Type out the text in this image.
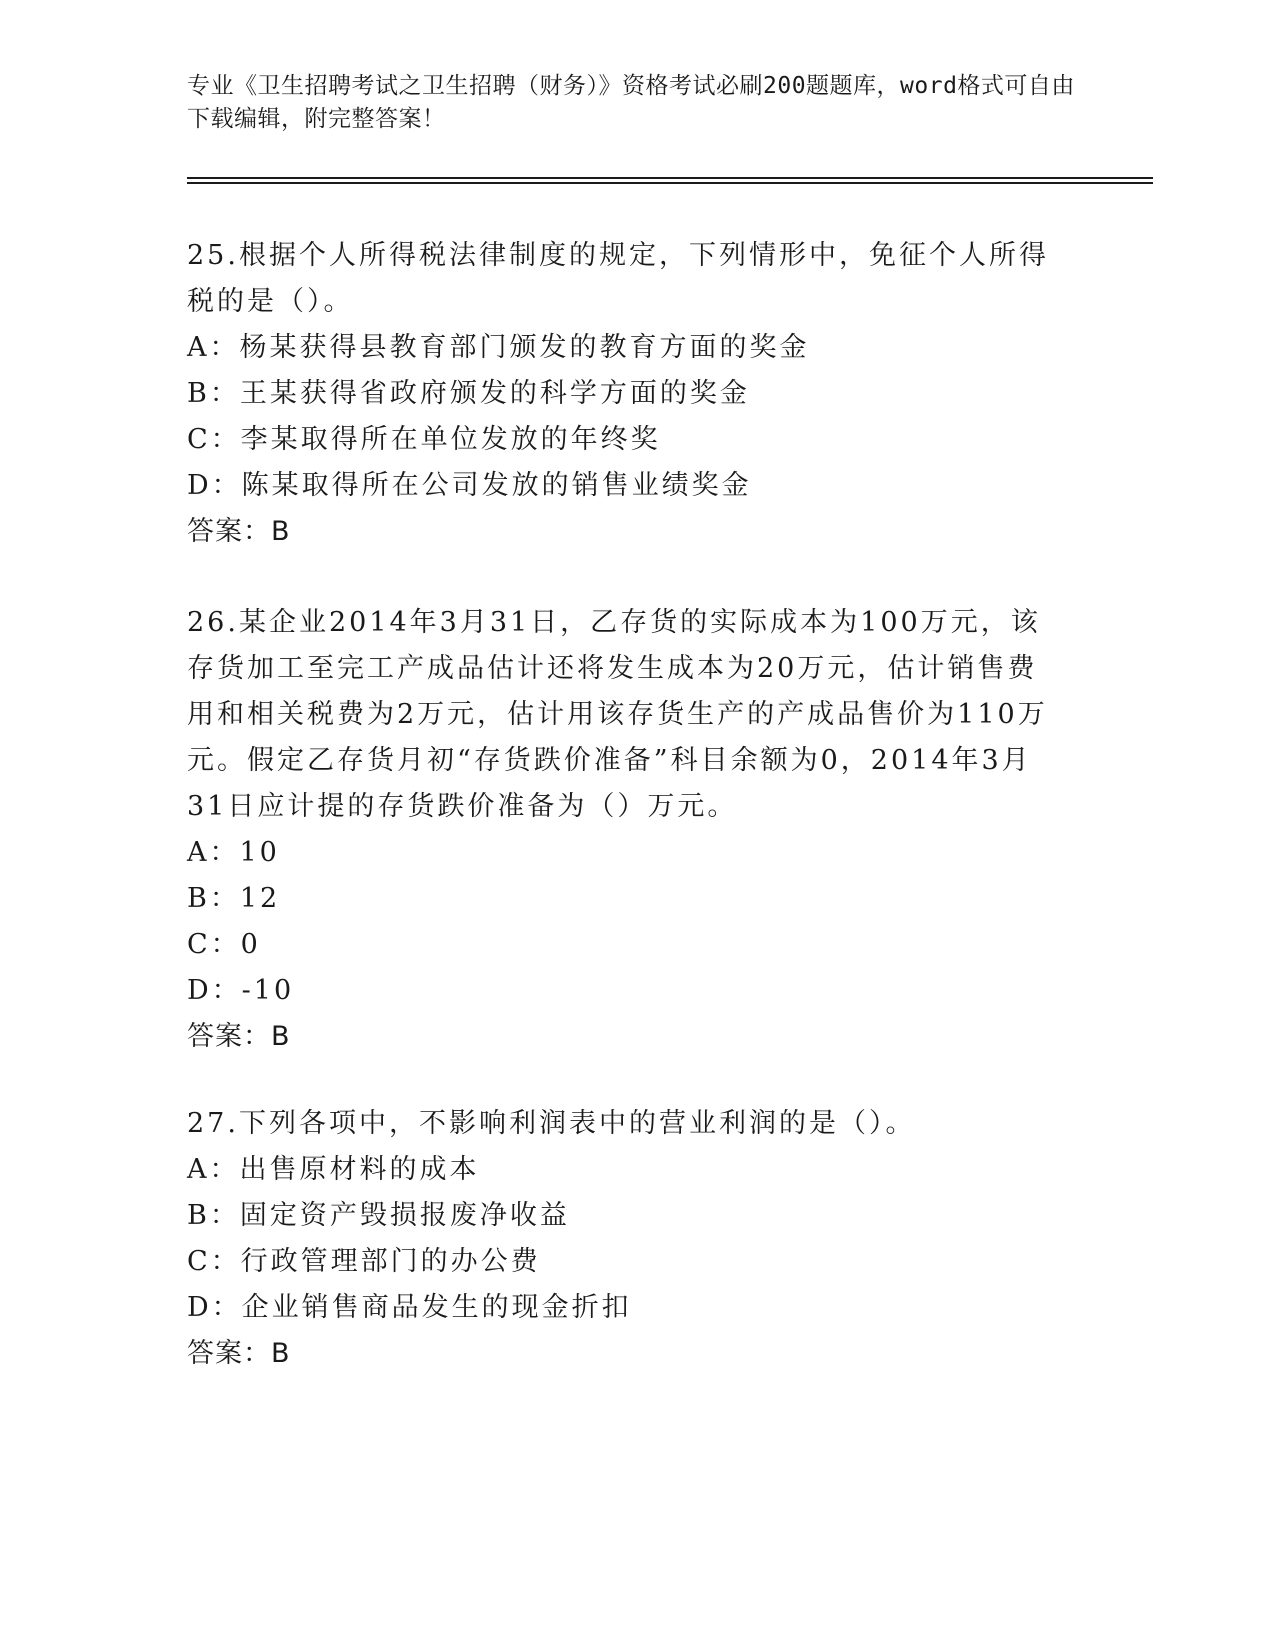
专业《卫生招聘考试之卫生招聘（财务）》资格考试必刷200题题库，word格式可自由下载编辑，附完整答案！

25.根据个人所得税法律制度的规定，下列情形中，免征个人所得税的是（）。

A：杨某获得县教育部门颁发的教育方面的奖金

B：王某获得省政府颁发的科学方面的奖金

C：李某取得所在单位发放的年终奖

D：陈某取得所在公司发放的销售业绩奖金

答案：B

26.某企业2014年3月31日，乙存货的实际成本为100万元，该存货加工至完工产成品估计还将发生成本为20万元，估计销售费用和相关税费为2万元，估计用该存货生产的产成品售价为110万元。假定乙存货月初“存货跌价准备”科目余额为0，2014年3月31日应计提的存货跌价准备为（）万元。

A：10

B：12

C：0

D：-10

答案：B

27.下列各项中，不影响利润表中的营业利润的是（）。

A：出售原材料的成本

B：固定资产毁损报废净收益

C：行政管理部门的办公费

D：企业销售商品发生的现金折扣

答案：B
